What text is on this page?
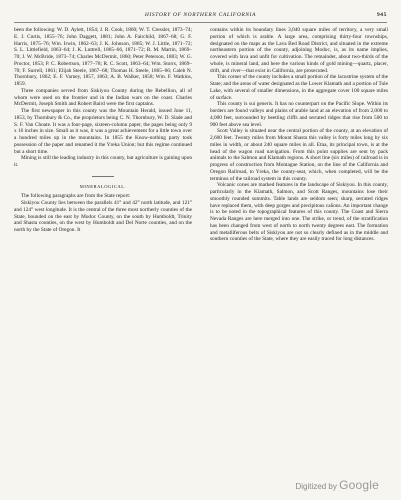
HISTORY OF NORTHERN CALIFORNIA	945

been the following: W. D. Aylett, 1854; J. R. Cook, 1860; W. T. Cressler, 1873–74; E. J. Curtis, 1855–76; John Daggett, 1881; John A. Fairchild, 1867–68; G. F. Harris, 1875–76; Wm. Irwin, 1862–63; J. K. Johnson, 1885; W. J. Little, 1871–72; S. L. Littlefield, 1863–64; J. K. Luttrell, 1865–66, 1871–72; R. M. Martin, 1869–70; J. W. McBride, 1873–74; Charles McDermit, 1860; Peter Peterson, 1883; W. G. Proctor, 1853; P. C. Robertson, 1877–78; R. C. Scott, 1863–64; Wm. Storrs, 1869–70; F. Surrell, 1861; Elijah Steele, 1867–68; Thomas H. Steele, 1865–66; Caleb N. Thornbury, 1862; E. F. Varney, 1857, 1863; A. B. Walker, 1858; Wm. F. Watkins, 1859.

Three companies served from Siskiyou County during the Rebellion, all of whom were used on the frontier and in the Indian wars on the coast. Charles McDermit, Joseph Smith and Robert Baird were the first captains.

The first newspaper in this county was the Mountain Herald, issued June 11, 1853, by Thornbury & Co., the proprietors being C. N. Thornbury, W. D. Slade and S. F. Van Choate. It was a four-page, sixteen-column paper, the pages being only 9 x 16 inches in size. Small as it was, it was a great achievement for a little town over a hundred miles up in the mountains. In 1855 the Know-nothing party took possession of the paper and renamed it the Yreka Union; but this regime continued but a short time.

Mining is still the leading industry in this county, but agriculture is gaining upon it.

MINERALOGICAL.

The following paragraphs are from the State report:

Siskiyou County lies between the parallels 41° and 42° north latitude, and 121° and 124° west longitude. It is the central of the three most northerly counties of the State, bounded on the east by Modoc County, on the south by Humboldt, Trinity and Shasta counties, on the west by Humboldt and Del Norte counties, and on the north by the State of Oregon. It

contains within its boundary lines 3,040 square miles of territory, a very small portion of which is arable. A large area, comprising thirty-four townships, designated on the maps as the Lava Bed Road District, and situated in the extreme northeastern portion of the county, adjoining Modoc, is, as its name implies, covered with lava and unfit for cultivation. The remainder, about two-thirds of the whole, is mineral land, and here the various kinds of gold mining—quartz, placer, drift, and river—that exist in California, are prosecuted.

This corner of the county includes a small portion of the lacustrine system of the State; and the areas of water designated as the Lower Klamath and a portion of Tule Lake, with several of smaller dimensions, in the aggregate cover 100 square miles of surface.

This county is sui generis. It has no counterpart on the Pacific Slope. Within its borders are found valleys and plains of arable land at an elevation of from 2,000 to 4,000 feet, surrounded by beetling cliffs and serrated ridges that rise from 500 to 900 feet above sea level.

Scott Valley is situated near the central portion of the county, at an elevation of 2,600 feet. Twenty miles from Mount Shasta this valley is forty miles long by six miles in width, or about 240 square miles in all. Etna, its principal town, is at the head of the wagon road navigation. From this point supplies are sent by pack animals to the Salmon and Klamath regions. A short line (six miles) of railroad is in progress of construction from Montague Station, on the line of the California and Oregon Railroad, to Yreka, the county-seat, which, when completed, will be the terminus of the railroad system in this county.

Volcanic cones are marked features in the landscape of Siskiyou. In this county, particularly in the Klamath, Salmon, and Scott Ranges, mountains lose their smoothly rounded summits. Table lands are seldom seen; sharp, serrated ridges have replaced them, with deep gorges and precipitous cañons. An important change is to be noted in the topographical features of this county. The Coast and Sierra Nevada Ranges are here merged into one. The strike, or trend, of the stratification has been changed from west of north to north twenty degrees east. The formation and metalliferous belts of Siskiyou are not so clearly defined as in the middle and southern counties of the State, where they are easily traced for long distances.

Digitized by Google
